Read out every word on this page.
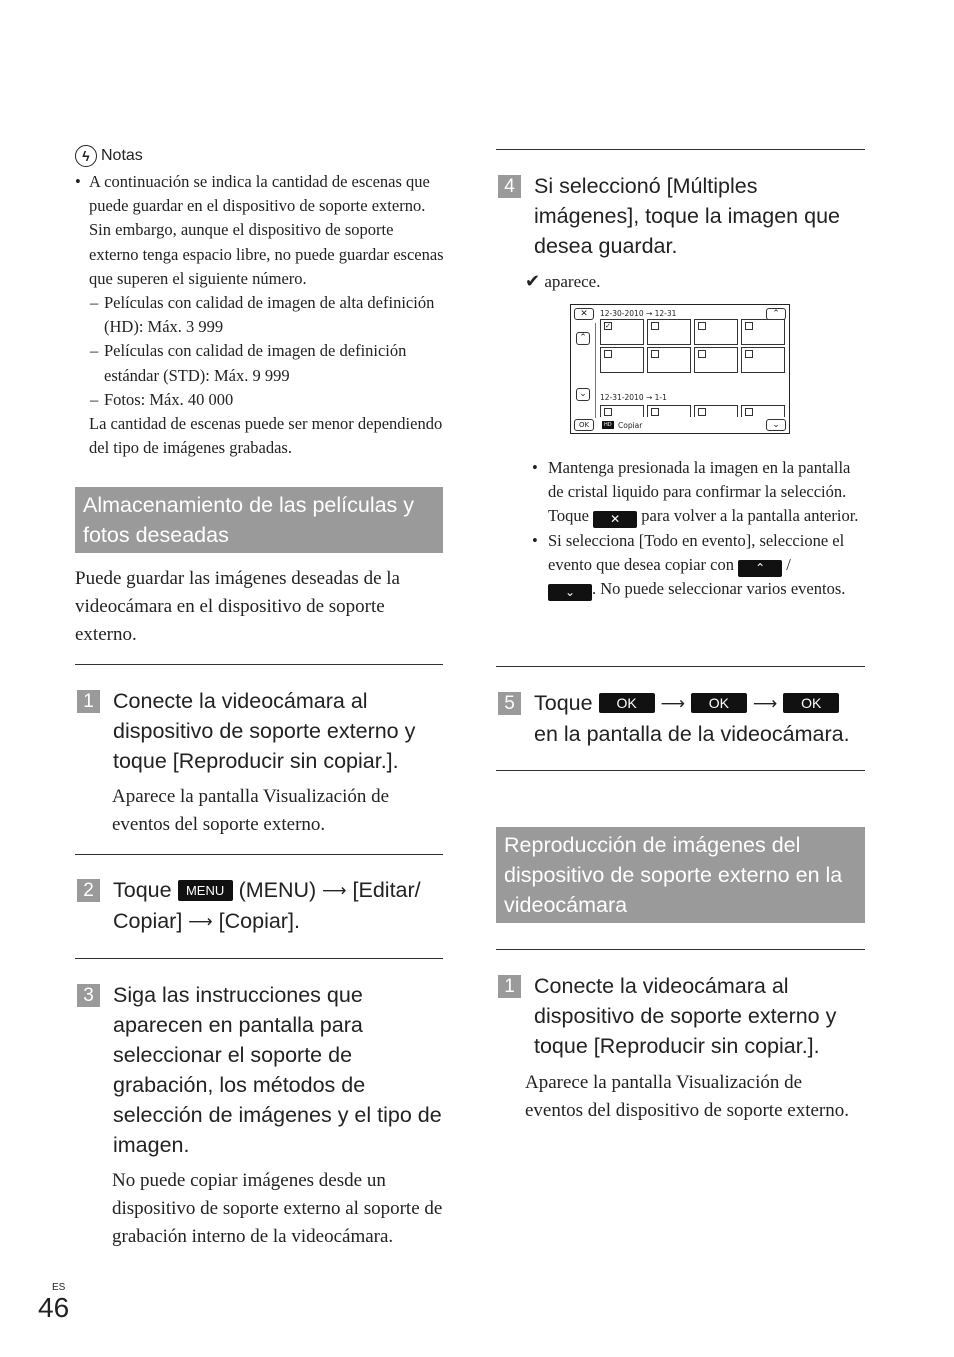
ϟ Notas
• A continuación se indica la cantidad de escenas que puede guardar en el dispositivo de soporte externo. Sin embargo, aunque el dispositivo de soporte externo tenga espacio libre, no puede guardar escenas que superen el siguiente número.
– Películas con calidad de imagen de alta definición (HD): Máx. 3 999
– Películas con calidad de imagen de definición estándar (STD): Máx. 9 999
– Fotos: Máx. 40 000
La cantidad de escenas puede ser menor dependiendo del tipo de imágenes grabadas.
Almacenamiento de las películas y fotos deseadas
Puede guardar las imágenes deseadas de la videocámara en el dispositivo de soporte externo.
1 Conecte la videocámara al dispositivo de soporte externo y toque [Reproducir sin copiar.].
Aparece la pantalla Visualización de eventos del soporte externo.
2 Toque MENU (MENU) ⟶ [Editar/
Copiar] ⟶ [Copiar].
3 Siga las instrucciones que aparecen en pantalla para seleccionar el soporte de grabación, los métodos de selección de imágenes y el tipo de imagen.
No puede copiar imágenes desde un dispositivo de soporte externo al soporte de grabación interno de la videocámara.
4 Si seleccionó [Múltiples imágenes], toque la imagen que desea guardar.
✔ aparece.
✕	12-30-2010 → 12-31	⌃
⌃
⌄
✓
12-31-2010 → 1-1
OK	HD Copiar	⌄
• Mantenga presionada la imagen en la pantalla de cristal liquido para confirmar la selección. Toque ✕ para volver a la pantalla anterior.
• Si selecciona [Todo en evento], seleccione el evento que desea copiar con ⌃ /
⌄ . No puede seleccionar varios eventos.
5 Toque OK ⟶ OK ⟶ OK
en la pantalla de la videocámara.
Reproducción de imágenes del dispositivo de soporte externo en la videocámara
1 Conecte la videocámara al dispositivo de soporte externo y toque [Reproducir sin copiar.].
Aparece la pantalla Visualización de eventos del dispositivo de soporte externo.
ES
46
